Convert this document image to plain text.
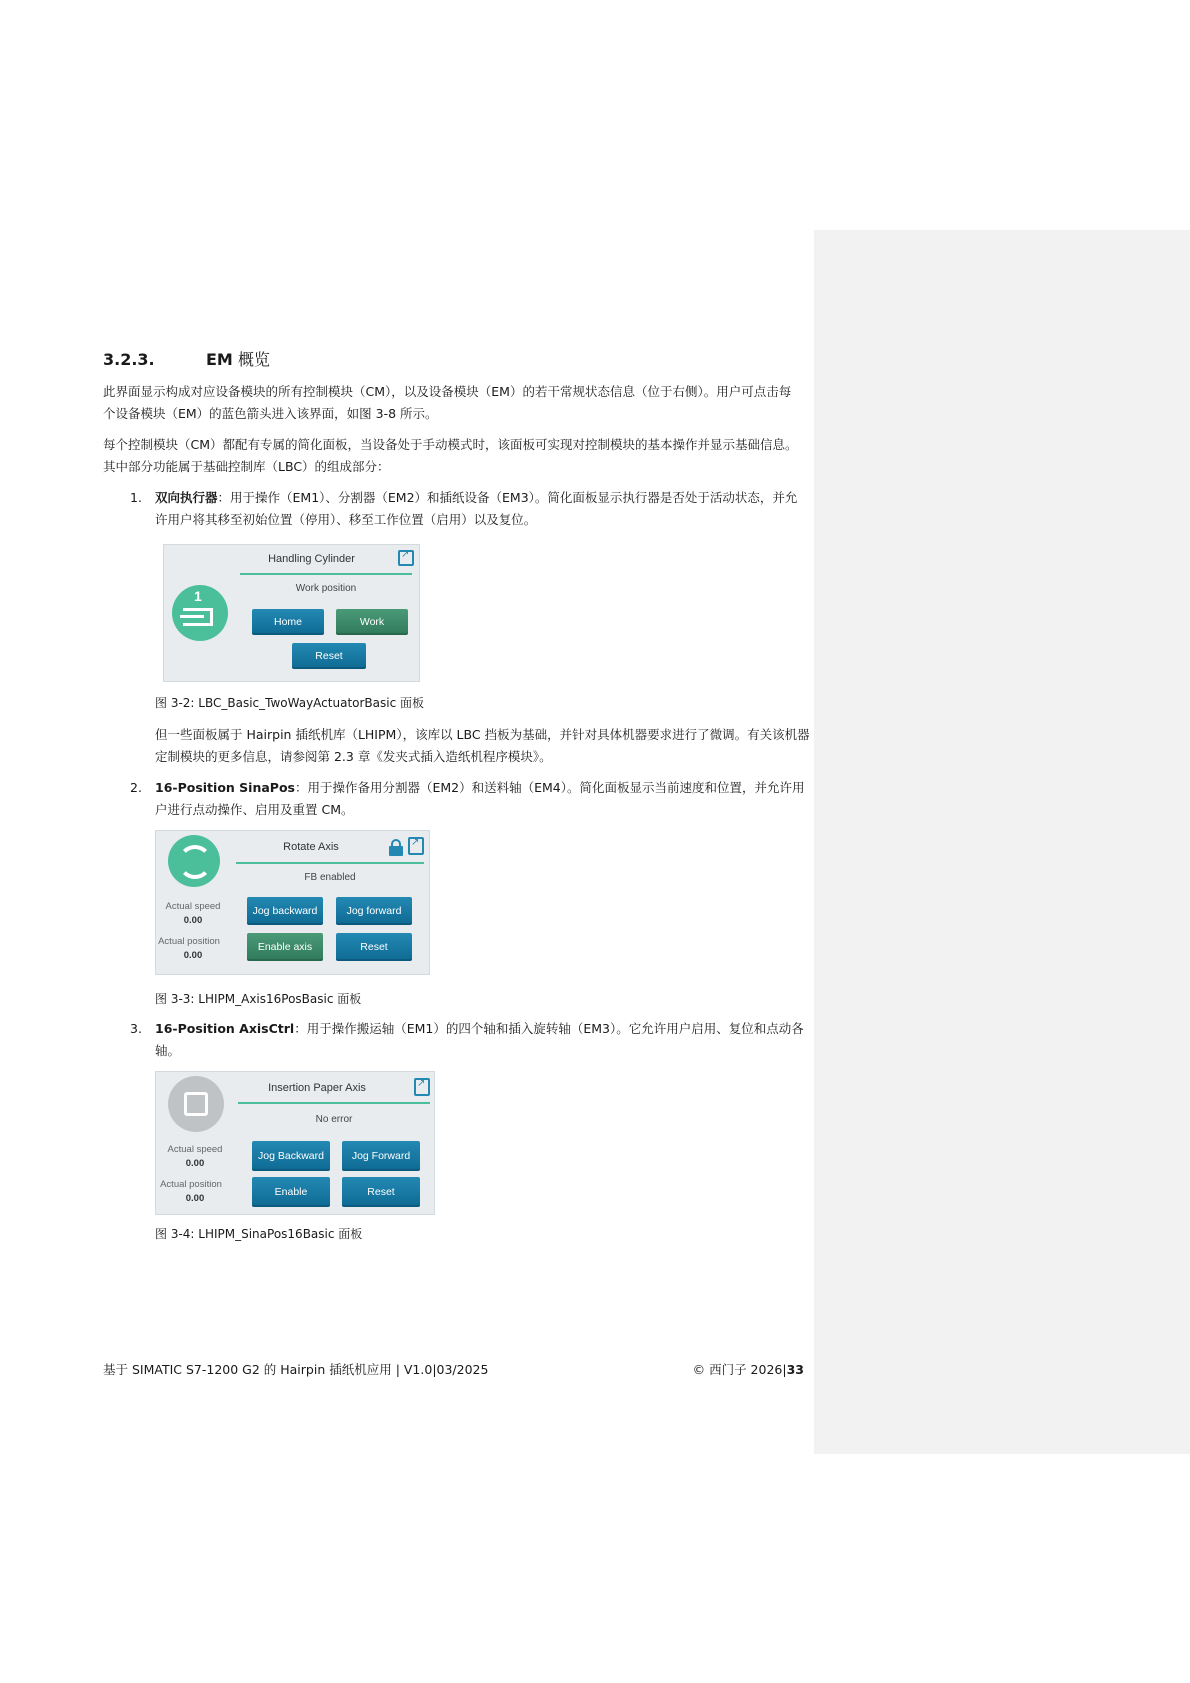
3.2.3.	EM 概览
此界面显示构成对应设备模块的所有控制模块（CM），以及设备模块（EM）的若干常规状态信息（位于右侧）。用户可点击每个设备模块（EM）的蓝色箭头进入该界面，如图 3-8 所示。
每个控制模块（CM）都配有专属的简化面板，当设备处于手动模式时，该面板可实现对控制模块的基本操作并显示基础信息。其中部分功能属于基础控制库（LBC）的组成部分：
1. 双向执行器：用于操作（EM1）、分割器（EM2）和插纸设备（EM3）。简化面板显示执行器是否处于活动状态，并允许用户将其移至初始位置（停用）、移至工作位置（启用）以及复位。
1
Handling Cylinder	↗
Work position
Home	Work
Reset
图 3-2: LBC_Basic_TwoWayActuatorBasic 面板
但一些面板属于 Hairpin 插纸机库（LHIPM），该库以 LBC 挡板为基础，并针对具体机器要求进行了微调。有关该机器定制模块的更多信息，请参阅第 2.3 章《发夹式插入造纸机程序模块》。
2. 16-Position SinaPos：用于操作备用分割器（EM2）和送料轴（EM4）。简化面板显示当前速度和位置，并允许用户进行点动操作、启用及重置 CM。
Rotate Axis	↗
FB enabled
Actual speed
0.00
Actual position
0.00
Jog backward	Jog forward
Enable axis	Reset
图 3-3: LHIPM_Axis16PosBasic 面板
3. 16-Position AxisCtrl：用于操作搬运轴（EM1）的四个轴和插入旋转轴（EM3）。它允许用户启用、复位和点动各轴。
Insertion Paper Axis	↗
No error
Actual speed
0.00
Actual position
0.00
Jog Backward	Jog Forward
Enable	Reset
图 3-4: LHIPM_SinaPos16Basic 面板
基于 SIMATIC S7-1200 G2 的 Hairpin 插纸机应用 | V1.0|03/2025	© 西门子 2026|33
